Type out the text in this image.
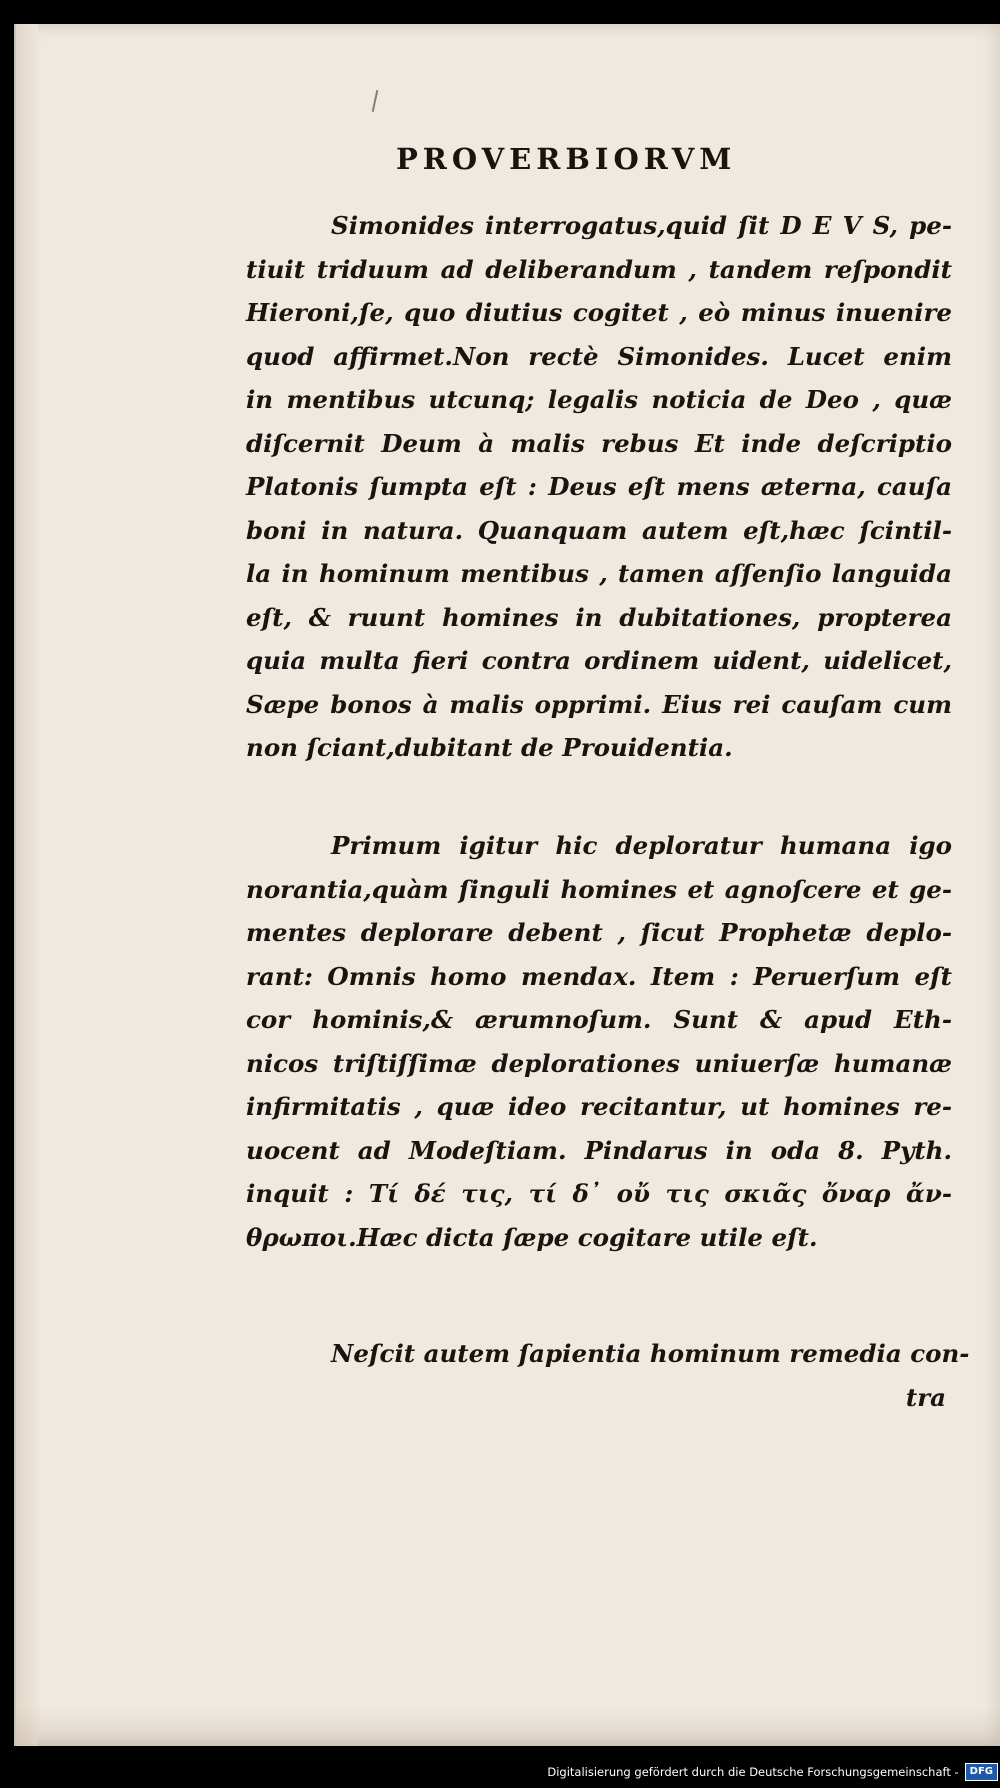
PROVERBIORVM
Simonides interrogatus,quid ſit D E V S, pe-
tiuit triduum ad deliberandum , tandem reſpondit
Hieroni,ſe, quo diutius cogitet , eò minus inuenire
quod affirmet.Non rectè Simonides. Lucet enim
in mentibus utcunq; legalis noticia de Deo , quæ
diſcernit Deum à malis rebus Et inde deſcriptio
Platonis ſumpta eſt : Deus eſt mens æterna, cauſa
boni in natura. Quanquam autem eſt,hæc ſcintil-
la in hominum mentibus , tamen aſſenſio languida
eſt, & ruunt homines in dubitationes, propterea
quia multa fieri contra ordinem uident, uidelicet,
Sæpe bonos à malis opprimi. Eius rei cauſam cum
non ſciant,dubitant de Prouidentia.
Primum igitur hic deploratur humana igo
norantia,quàm ſinguli homines et agnoſcere et ge-
mentes deplorare debent , ſicut Prophetæ deplo-
rant: Omnis homo mendax. Item : Peruerſum eſt
cor hominis,& ærumnoſum. Sunt & apud Eth-
nicos triſtiſſimæ deplorationes uniuerſæ humanæ
infirmitatis , quæ ideo recitantur, ut homines re-
uocent ad Modeſtiam. Pindarus in oda 8. Pyth.
inquit : Τί δέ τις, τί δ᾽ οὔ τις σκιᾶς ὄναρ ἄν-
θρωποι.Hæc dicta ſæpe cogitare utile eſt.
Neſcit autem ſapientia hominum remedia con-
tra
Digitalisierung gefördert durch die Deutsche Forschungsgemeinschaft -	DFG
